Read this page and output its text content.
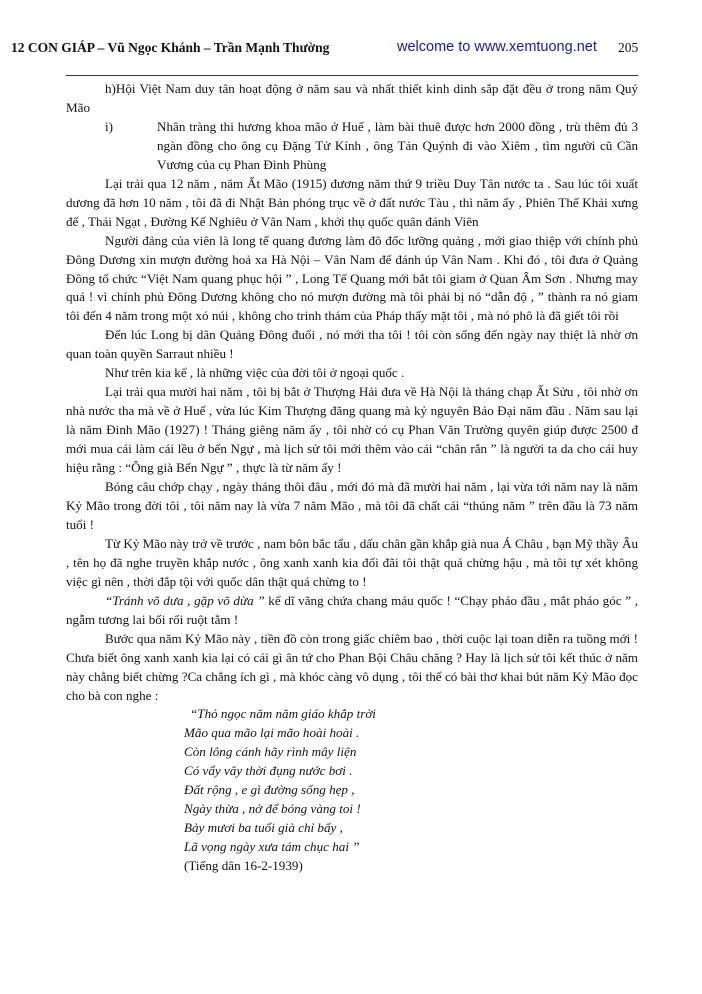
12 CON GIÁP – Vũ Ngọc Khánh – Trần Mạnh Thường	welcome to www.xemtuong.net 205

h)Hội Việt Nam duy tân hoạt động ở năm sau và nhất thiết kinh dinh sắp đặt đều ở trong năm Quý Mão

i)	Nhân tràng thi hương khoa mão ở Huế , làm bài thuê được hơn 2000 đồng , trù thêm đủ 3 ngàn đồng cho ông cụ Đặng Tử Kính , ông Tán Quýnh đi vào Xiêm , tìm người cũ Cần Vương của cụ Phan Đình Phùng

Lại trải qua 12 năm , năm Ất Mão (1915) đương năm thứ 9 triều Duy Tân nước ta . Sau lúc tôi xuất dương đã hơn 10 năm , tôi đã đi Nhật Bản phóng trục về ở đất nước Tàu , thì năm ấy , Phiên Thế Khải xưng đế , Thái Ngạt , Đường Kế Nghiêu ở Vân Nam , khởi thụ quốc quân đánh Viên

Người đảng của viên là long tế quang đương làm đô đốc lưỡng quảng , mới giao thiệp với chính phủ Đông Dương xin mượn đường hoả xa Hà Nội – Vân Nam để đánh úp Vân Nam . Khi đó , tôi đưa ở Quảng Đông tổ chức “Việt Nam quang phục hội ” , Long Tế Quang mới bắt tôi giam ở Quan Âm Sơn . Nhưng may quá ! vì chính phủ Đông Dương không cho nó mượn đường mà tôi phải bị nó “dẫn độ , ” thành ra nó giam tôi đến 4 năm trong một xó núi , không cho trinh thám của Pháp thấy mặt tôi , mà nó phô là đã giết tôi rồi

Đến lúc Long bị dân Quảng Đông đuổi , nó mới tha tôi ! tôi còn sống đến ngày nay thiệt là nhờ ơn quan toàn quyền Sarraut nhiều !

Như trên kia kể , là những việc của đời tôi ở ngoại quốc .

Lại trải qua mười hai năm , tôi bị bắt ở Thượng Hải đưa về Hà Nội là tháng chạp Ất Sửu , tôi nhờ ơn nhà nước tha mà về ở Huế , vừa lúc Kim Thượng đăng quang mà kỷ nguyên Bảo Đại năm đầu . Năm sau lại là năm Đinh Mão (1927) ! Tháng giêng năm ấy , tôi nhờ có cụ Phan Văn Trường quyên giúp được 2500 đ mới mua cái làm cái lều ở bến Ngự , mà lịch sử tôi mới thêm vào cái “chân rắn ” là người ta da cho cái huy hiệu rằng : “Ông già Bến Ngự ” , thực là từ năm ấy !

Bóng câu chớp chạy , ngày tháng thôi đâu , mới đó mà đã mười hai năm , lại vừa tới năm nay là năm Kỷ Mão trong đời tôi , tôi năm nay là vừa 7 năm Mão , mà tôi đã chất cái “thúng năm ” trên đầu là 73 năm tuổi !

Từ Kỷ Mão này trở về trước , nam bôn bắc tẩu , dấu chân gần khắp già nua Á Châu , bạn Mỹ thầy Âu , tên họ đã nghe truyền khắp nước , ông xanh xanh kia đối đãi tôi thật quá chừng hậu , mà tôi tự xét không việc gì nên , thời đắp tội với quốc dân thật quá chừng to !

“Tránh võ dưa , gặp võ dừa ” kể dĩ vãng chứa chang máu quốc ! “Chạy pháo đầu , mắt pháo góc ” , ngẫm tương lai bối rối ruột tằm !

Bước qua năm Kỷ Mão này , tiền đồ còn trong giấc chiêm bao , thời cuộc lại toan diễn ra tuồng mới ! Chưa biết ông xanh xanh kia lại có cái gì ân tứ cho Phan Bội Châu chăng ? Hay là lịch sử tôi kết thúc ở năm này chẳng biết chừng ?Ca chẳng ích gì , mà khóc càng vô dụng , tôi thể có bài thơ khai bút năm Kỷ Mão đọc cho bà con nghe :

“Thỏ ngọc năm năm giáo khắp trời
Mão qua mão lại mão hoài hoài .
Còn lông cánh hãy rình mây liện
Có vẩy vây thời đụng nước bơi .
Đất rộng , e gì đường sống hẹp ,
Ngày thừa , nở để bóng vàng toi !
Bảy mươi ba tuổi già chỉ bấy ,
Lã vọng ngày xưa tám chục hai ”

(Tiếng dân 16-2-1939)
